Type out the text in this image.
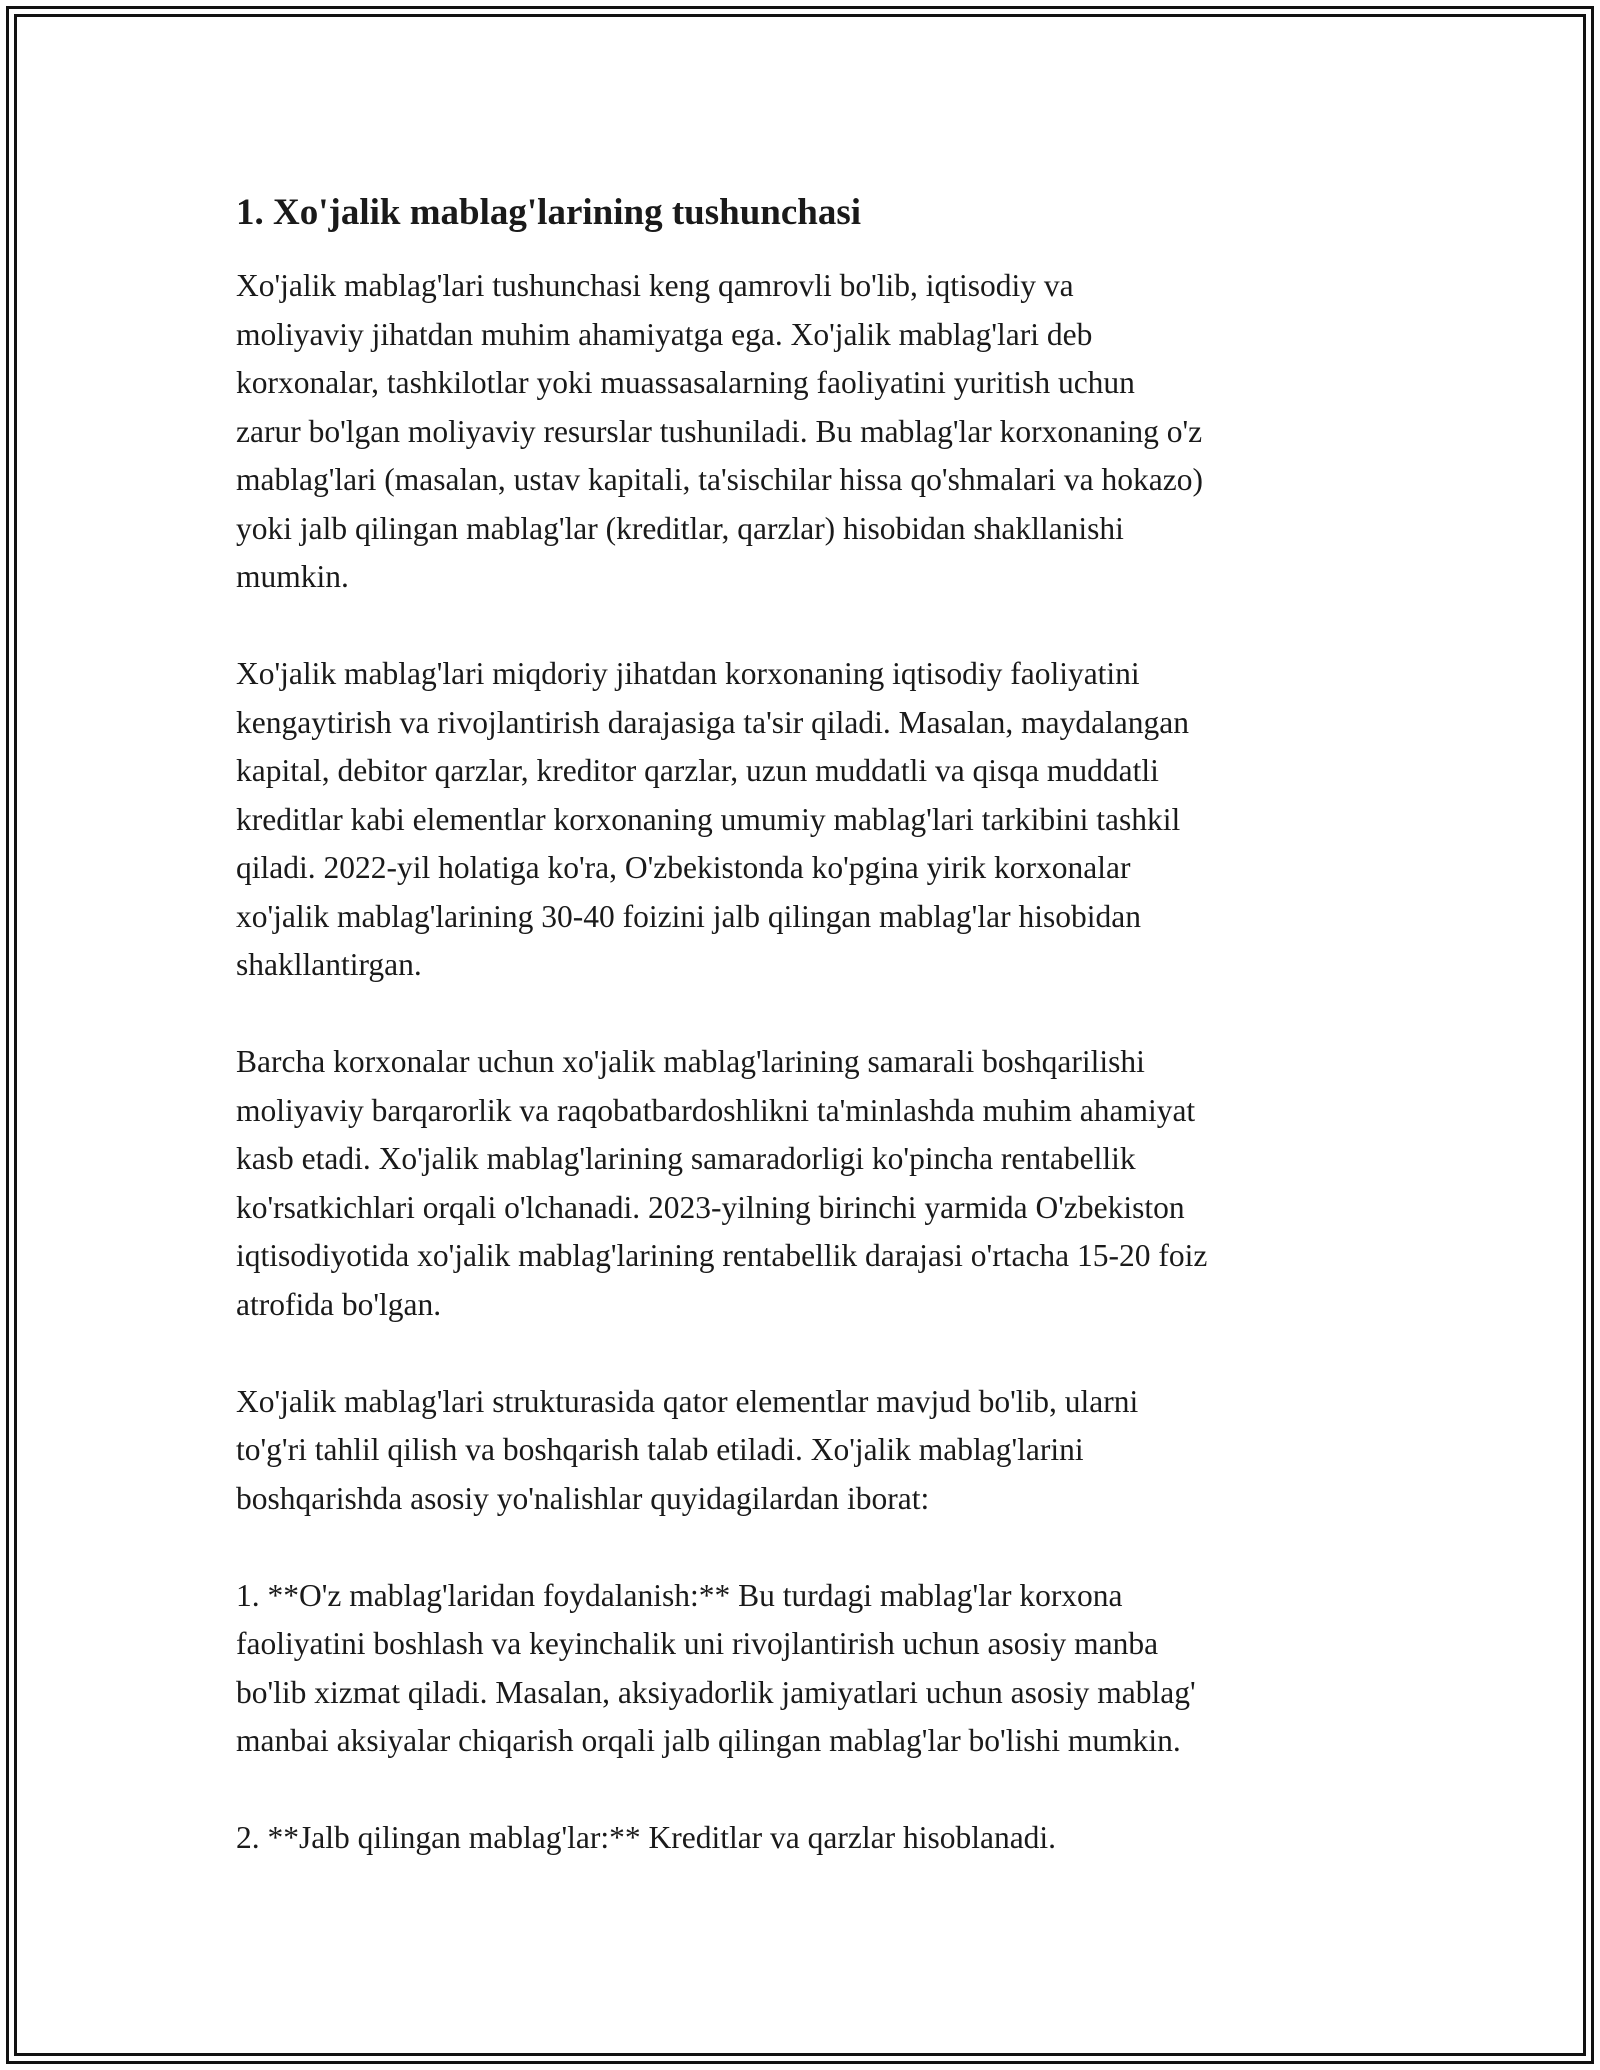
1. Xo'jalik mablag'larining tushunchasi

Xo'jalik mablag'lari tushunchasi keng qamrovli bo'lib, iqtisodiy va
moliyaviy jihatdan muhim ahamiyatga ega. Xo'jalik mablag'lari deb
korxonalar, tashkilotlar yoki muassasalarning faoliyatini yuritish uchun
zarur bo'lgan moliyaviy resurslar tushuniladi. Bu mablag'lar korxonaning o'z
mablag'lari (masalan, ustav kapitali, ta'sischilar hissa qo'shmalari va hokazo)
yoki jalb qilingan mablag'lar (kreditlar, qarzlar) hisobidan shakllanishi
mumkin.

Xo'jalik mablag'lari miqdoriy jihatdan korxonaning iqtisodiy faoliyatini
kengaytirish va rivojlantirish darajasiga ta'sir qiladi. Masalan, maydalangan
kapital, debitor qarzlar, kreditor qarzlar, uzun muddatli va qisqa muddatli
kreditlar kabi elementlar korxonaning umumiy mablag'lari tarkibini tashkil
qiladi. 2022-yil holatiga ko'ra, O'zbekistonda ko'pgina yirik korxonalar
xo'jalik mablag'larining 30-40 foizini jalb qilingan mablag'lar hisobidan
shakllantirgan.

Barcha korxonalar uchun xo'jalik mablag'larining samarali boshqarilishi
moliyaviy barqarorlik va raqobatbardoshlikni ta'minlashda muhim ahamiyat
kasb etadi. Xo'jalik mablag'larining samaradorligi ko'pincha rentabellik
ko'rsatkichlari orqali o'lchanadi. 2023-yilning birinchi yarmida O'zbekiston
iqtisodiyotida xo'jalik mablag'larining rentabellik darajasi o'rtacha 15-20 foiz
atrofida bo'lgan.

Xo'jalik mablag'lari strukturasida qator elementlar mavjud bo'lib, ularni
to'g'ri tahlil qilish va boshqarish talab etiladi. Xo'jalik mablag'larini
boshqarishda asosiy yo'nalishlar quyidagilardan iborat:

1. **O'z mablag'laridan foydalanish:** Bu turdagi mablag'lar korxona
faoliyatini boshlash va keyinchalik uni rivojlantirish uchun asosiy manba
bo'lib xizmat qiladi. Masalan, aksiyadorlik jamiyatlari uchun asosiy mablag'
manbai aksiyalar chiqarish orqali jalb qilingan mablag'lar bo'lishi mumkin.

2. **Jalb qilingan mablag'lar:** Kreditlar va qarzlar hisoblanadi.
